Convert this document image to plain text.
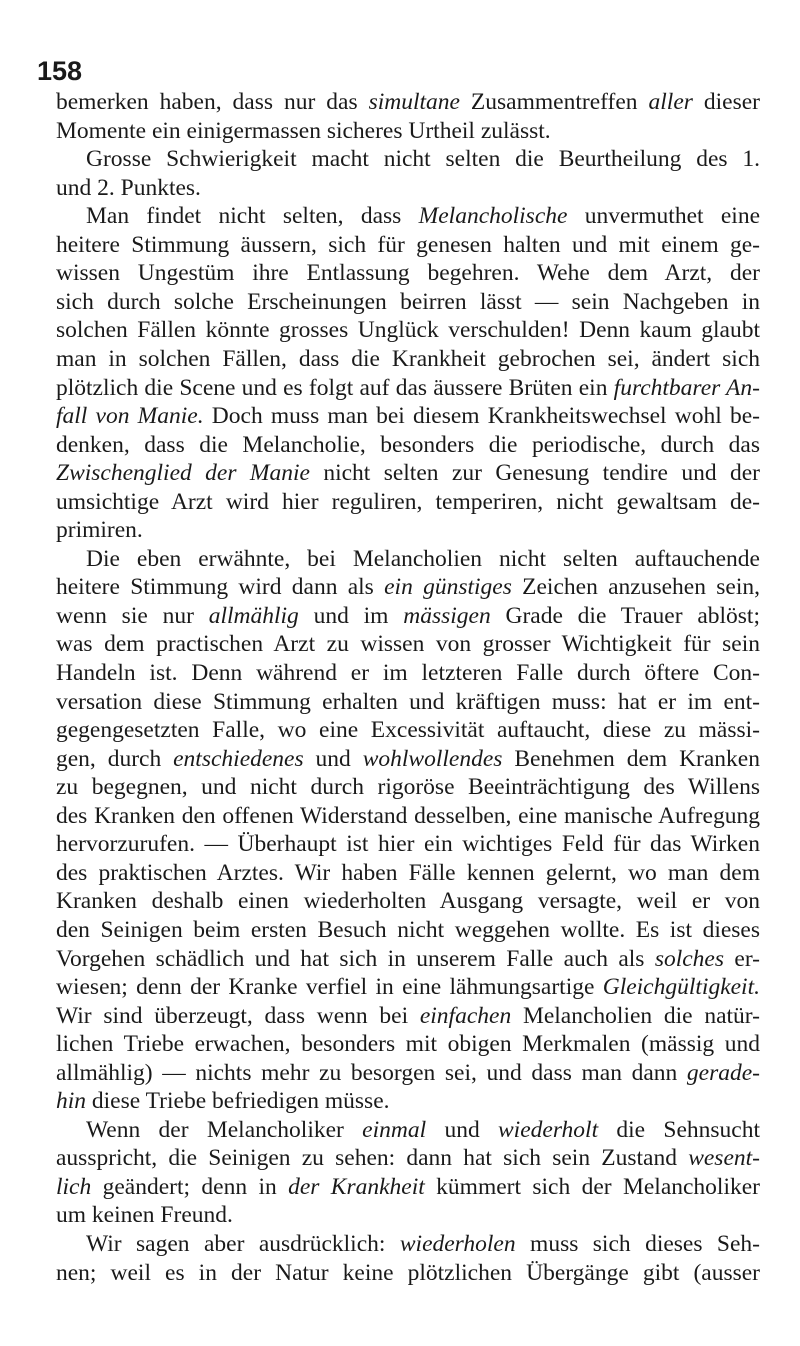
158
bemerken haben, dass nur das simultane Zusammentreffen aller dieser
Momente ein einigermassen sicheres Urtheil zulässt.
Grosse Schwierigkeit macht nicht selten die Beurtheilung des 1.
und 2. Punktes.
Man findet nicht selten, dass Melancholische unvermuthet eine
heitere Stimmung äussern, sich für genesen halten und mit einem ge-
wissen Ungestüm ihre Entlassung begehren. Wehe dem Arzt, der
sich durch solche Erscheinungen beirren lässt — sein Nachgeben in
solchen Fällen könnte grosses Unglück verschulden! Denn kaum glaubt
man in solchen Fällen, dass die Krankheit gebrochen sei, ändert sich
plötzlich die Scene und es folgt auf das äussere Brüten ein furchtbarer An-
fall von Manie. Doch muss man bei diesem Krankheitswechsel wohl be-
denken, dass die Melancholie, besonders die periodische, durch das
Zwischenglied der Manie nicht selten zur Genesung tendire und der
umsichtige Arzt wird hier reguliren, temperiren, nicht gewaltsam de-
primiren.
Die eben erwähnte, bei Melancholien nicht selten auftauchende
heitere Stimmung wird dann als ein günstiges Zeichen anzusehen sein,
wenn sie nur allmählig und im mässigen Grade die Trauer ablöst;
was dem practischen Arzt zu wissen von grosser Wichtigkeit für sein
Handeln ist. Denn während er im letzteren Falle durch öftere Con-
versation diese Stimmung erhalten und kräftigen muss: hat er im ent-
gegengesetzten Falle, wo eine Excessivität auftaucht, diese zu mässi-
gen, durch entschiedenes und wohlwollendes Benehmen dem Kranken
zu begegnen, und nicht durch rigoröse Beeinträchtigung des Willens
des Kranken den offenen Widerstand desselben, eine manische Aufregung
hervorzurufen. — Überhaupt ist hier ein wichtiges Feld für das Wirken
des praktischen Arztes. Wir haben Fälle kennen gelernt, wo man dem
Kranken deshalb einen wiederholten Ausgang versagte, weil er von
den Seinigen beim ersten Besuch nicht weggehen wollte. Es ist dieses
Vorgehen schädlich und hat sich in unserem Falle auch als solches er-
wiesen; denn der Kranke verfiel in eine lähmungsartige Gleichgültigkeit.
Wir sind überzeugt, dass wenn bei einfachen Melancholien die natür-
lichen Triebe erwachen, besonders mit obigen Merkmalen (mässig und
allmählig) — nichts mehr zu besorgen sei, und dass man dann gerade-
hin diese Triebe befriedigen müsse.
Wenn der Melancholiker einmal und wiederholt die Sehnsucht
ausspricht, die Seinigen zu sehen: dann hat sich sein Zustand wesent-
lich geändert; denn in der Krankheit kümmert sich der Melancholiker
um keinen Freund.
Wir sagen aber ausdrücklich: wiederholen muss sich dieses Seh-
nen; weil es in der Natur keine plötzlichen Übergänge gibt (ausser
